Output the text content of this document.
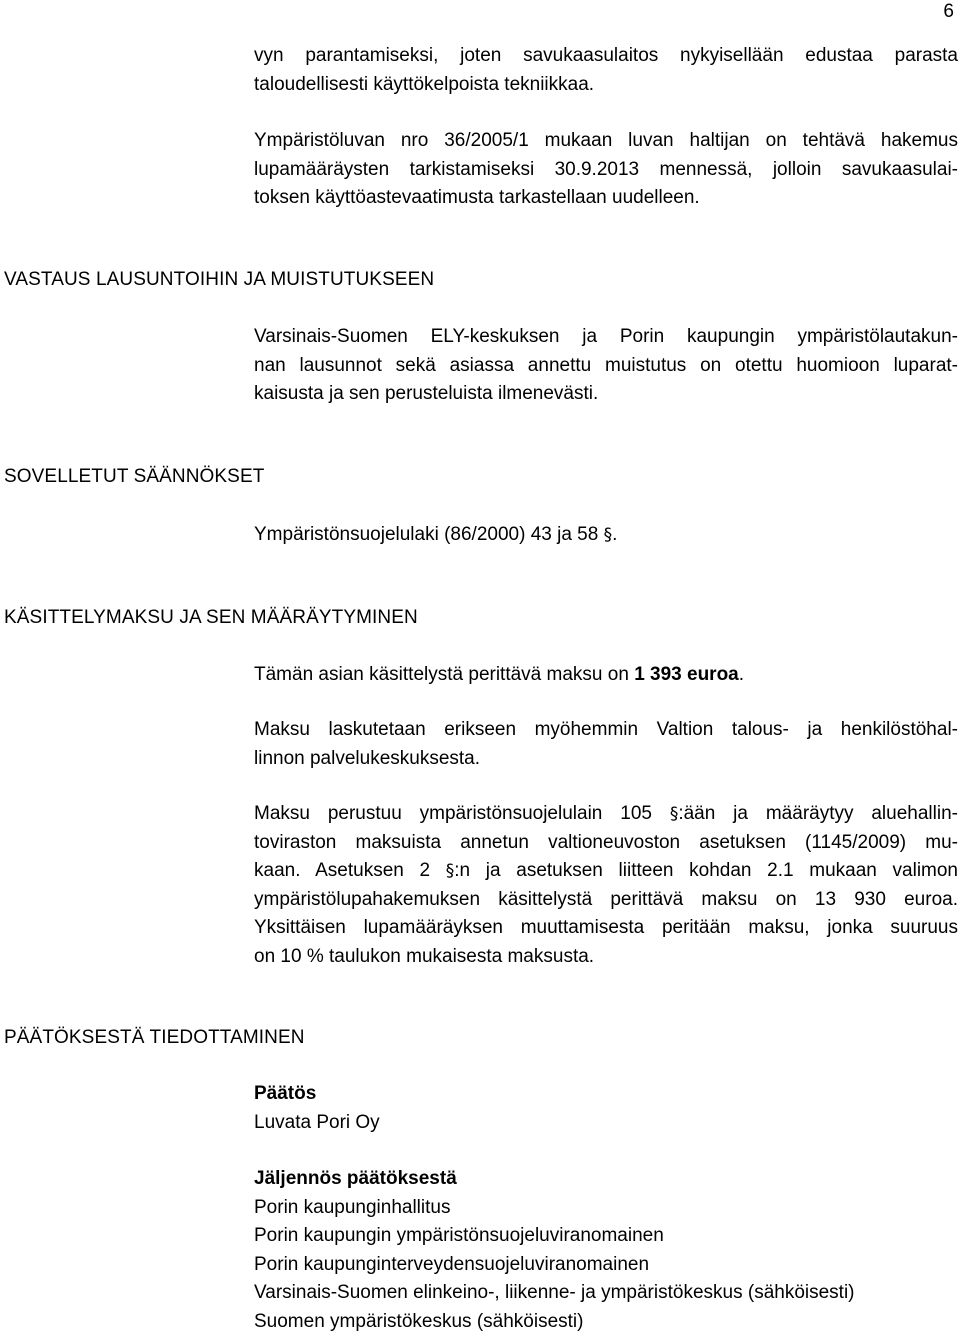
6
vyn parantamiseksi, joten savukaasulaitos nykyisellään edustaa parasta
taloudellisesti käyttökelpoista tekniikkaa.
Ympäristöluvan nro 36/2005/1 mukaan luvan haltijan on tehtävä hakemus
lupamääräysten tarkistamiseksi 30.9.2013 mennessä, jolloin savukaasulai-
toksen käyttöastevaatimusta tarkastellaan uudelleen.
VASTAUS LAUSUNTOIHIN JA MUISTUTUKSEEN
Varsinais-Suomen ELY-keskuksen ja Porin kaupungin ympäristölautakun-
nan lausunnot sekä asiassa annettu muistutus on otettu huomioon luparat-
kaisusta ja sen perusteluista ilmenevästi.
SOVELLETUT SÄÄNNÖKSET
Ympäristönsuojelulaki (86/2000) 43 ja 58 §.
KÄSITTELYMAKSU JA SEN MÄÄRÄYTYMINEN
Tämän asian käsittelystä perittävä maksu on 1 393 euroa.
Maksu laskutetaan erikseen myöhemmin Valtion talous- ja henkilöstöhal-
linnon palvelukeskuksesta.
Maksu perustuu ympäristönsuojelulain 105 §:ään ja määräytyy aluehallin-
toviraston maksuista annetun valtioneuvoston asetuksen (1145/2009) mu-
kaan. Asetuksen 2 §:n ja asetuksen liitteen kohdan 2.1 mukaan valimon
ympäristölupahakemuksen käsittelystä perittävä maksu on 13 930 euroa.
Yksittäisen lupamääräyksen muuttamisesta peritään maksu, jonka suuruus
on 10 % taulukon mukaisesta maksusta.
PÄÄTÖKSESTÄ TIEDOTTAMINEN
Päätös
Luvata Pori Oy
Jäljennös päätöksestä
Porin kaupunginhallitus
Porin kaupungin ympäristönsuojeluviranomainen
Porin kaupunginterveydensuojeluviranomainen
Varsinais-Suomen elinkeino-, liikenne- ja ympäristökeskus (sähköisesti)
Suomen ympäristökeskus (sähköisesti)
